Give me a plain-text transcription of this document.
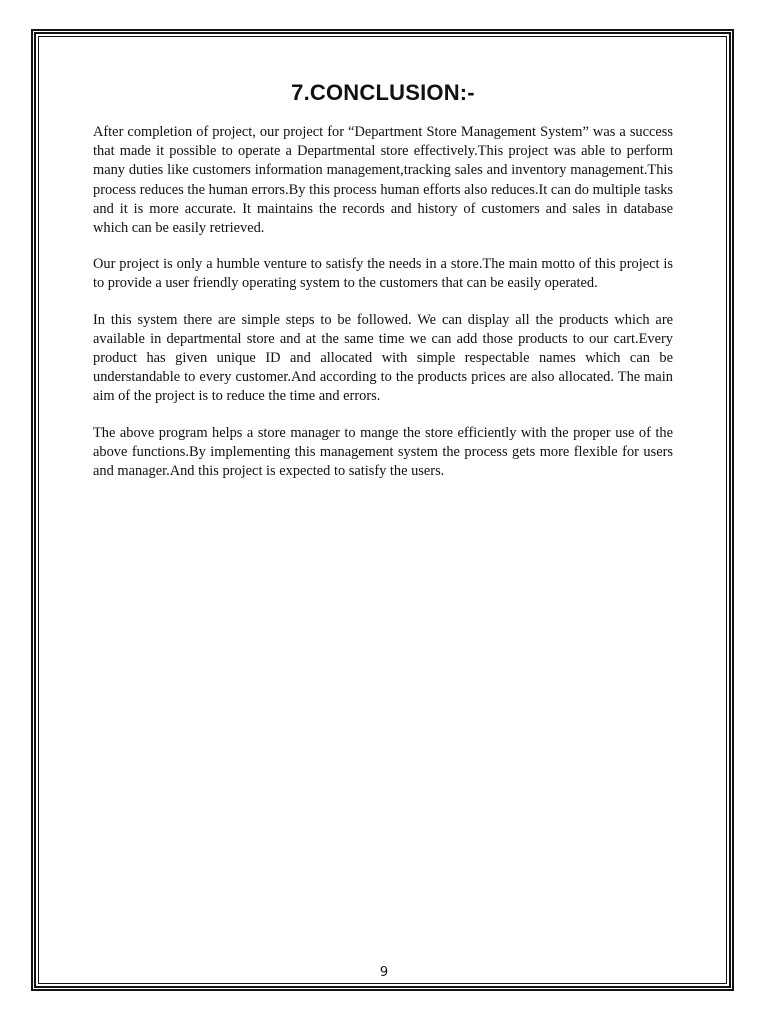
7.CONCLUSION:-

After completion of project, our project for “Department Store Management System” was a success that made it possible to operate a Departmental store effectively.This project was able to perform many duties like customers information management,tracking sales and inventory management.This process reduces the human errors.By this process human efforts also reduces.It can do multiple tasks and it is more accurate. It maintains the records and history of customers and sales in database which can be easily retrieved.

Our project is only a humble venture to satisfy the needs in a store.The main motto of this project is to provide a user friendly operating system to the customers that can be easily operated.

In this system there are simple steps to be followed. We can display all the products which are available in departmental store and at the same time we can add those products to our cart.Every product has given unique ID and allocated with simple respectable names which can be understandable to every customer.And according to the products prices are also allocated. The main aim of the project is to reduce the time and errors.

The above program helps a store manager to mange the store efficiently with the proper use of the above functions.By implementing this management system the process gets more flexible for users and manager.And this project is expected to satisfy the users.

9
